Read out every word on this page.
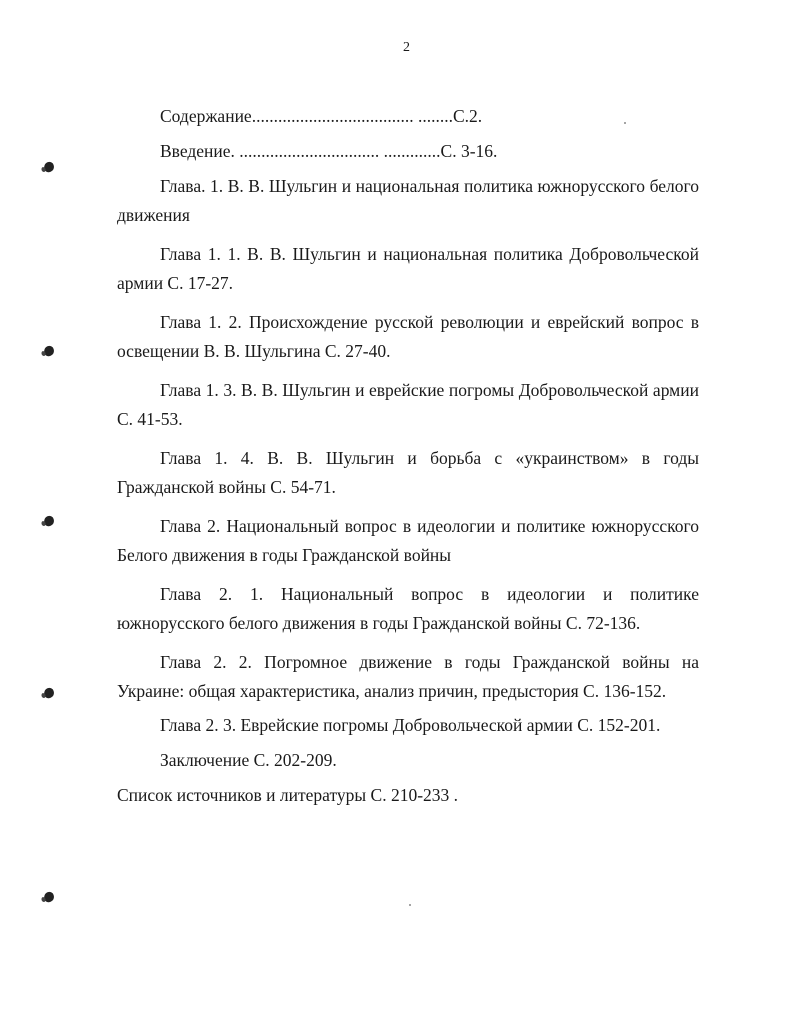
2

Содержание..................................... ........С.2.

Введение. ................................ .............С. 3-16.

Глава. 1. В. В. Шульгин и национальная политика южнорусского белого движения

Глава 1. 1. В. В. Шульгин и национальная политика Добровольческой армии С. 17-27.

Глава 1. 2. Происхождение русской революции и еврейский вопрос в освещении В. В. Шульгина С. 27-40.

Глава 1. 3. В. В. Шульгин и еврейские погромы Добровольческой армии С. 41-53.

Глава 1. 4. В. В. Шульгин и борьба с «украинством» в годы Гражданской войны С. 54-71.

Глава 2. Национальный вопрос в идеологии и политике южнорусского Белого движения в годы Гражданской войны

Глава 2. 1. Национальный вопрос в идеологии и политике южнорусского белого движения в годы Гражданской войны С. 72-136.

Глава 2. 2. Погромное движение в годы Гражданской войны на Украине: общая характеристика, анализ причин, предыстория С. 136-152.

Глава 2. 3. Еврейские погромы Добровольческой армии С. 152-201.

Заключение С. 202-209.

Список источников и литературы С. 210-233 .
